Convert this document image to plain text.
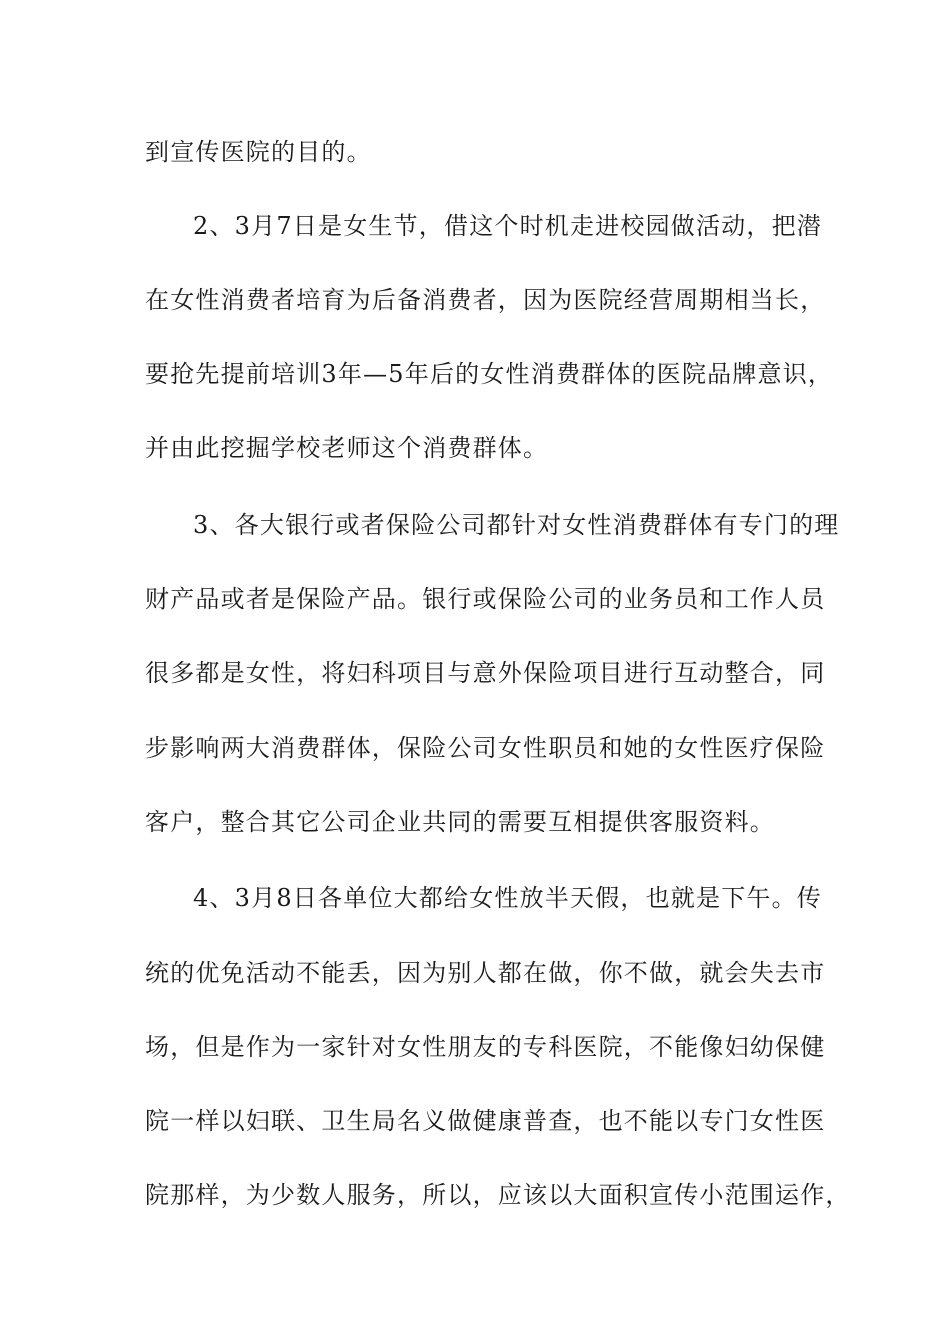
到宣传医院的目的。
2、3月7日是女生节，借这个时机走进校园做活动，把潜
在女性消费者培育为后备消费者，因为医院经营周期相当长，
要抢先提前培训3年—5年后的女性消费群体的医院品牌意识，
并由此挖掘学校老师这个消费群体。
3、各大银行或者保险公司都针对女性消费群体有专门的理
财产品或者是保险产品。银行或保险公司的业务员和工作人员
很多都是女性，将妇科项目与意外保险项目进行互动整合，同
步影响两大消费群体，保险公司女性职员和她的女性医疗保险
客户，整合其它公司企业共同的需要互相提供客服资料。
4、3月8日各单位大都给女性放半天假，也就是下午。传
统的优免活动不能丢，因为别人都在做，你不做，就会失去市
场，但是作为一家针对女性朋友的专科医院，不能像妇幼保健
院一样以妇联、卫生局名义做健康普查，也不能以专门女性医
院那样，为少数人服务，所以，应该以大面积宣传小范围运作，
